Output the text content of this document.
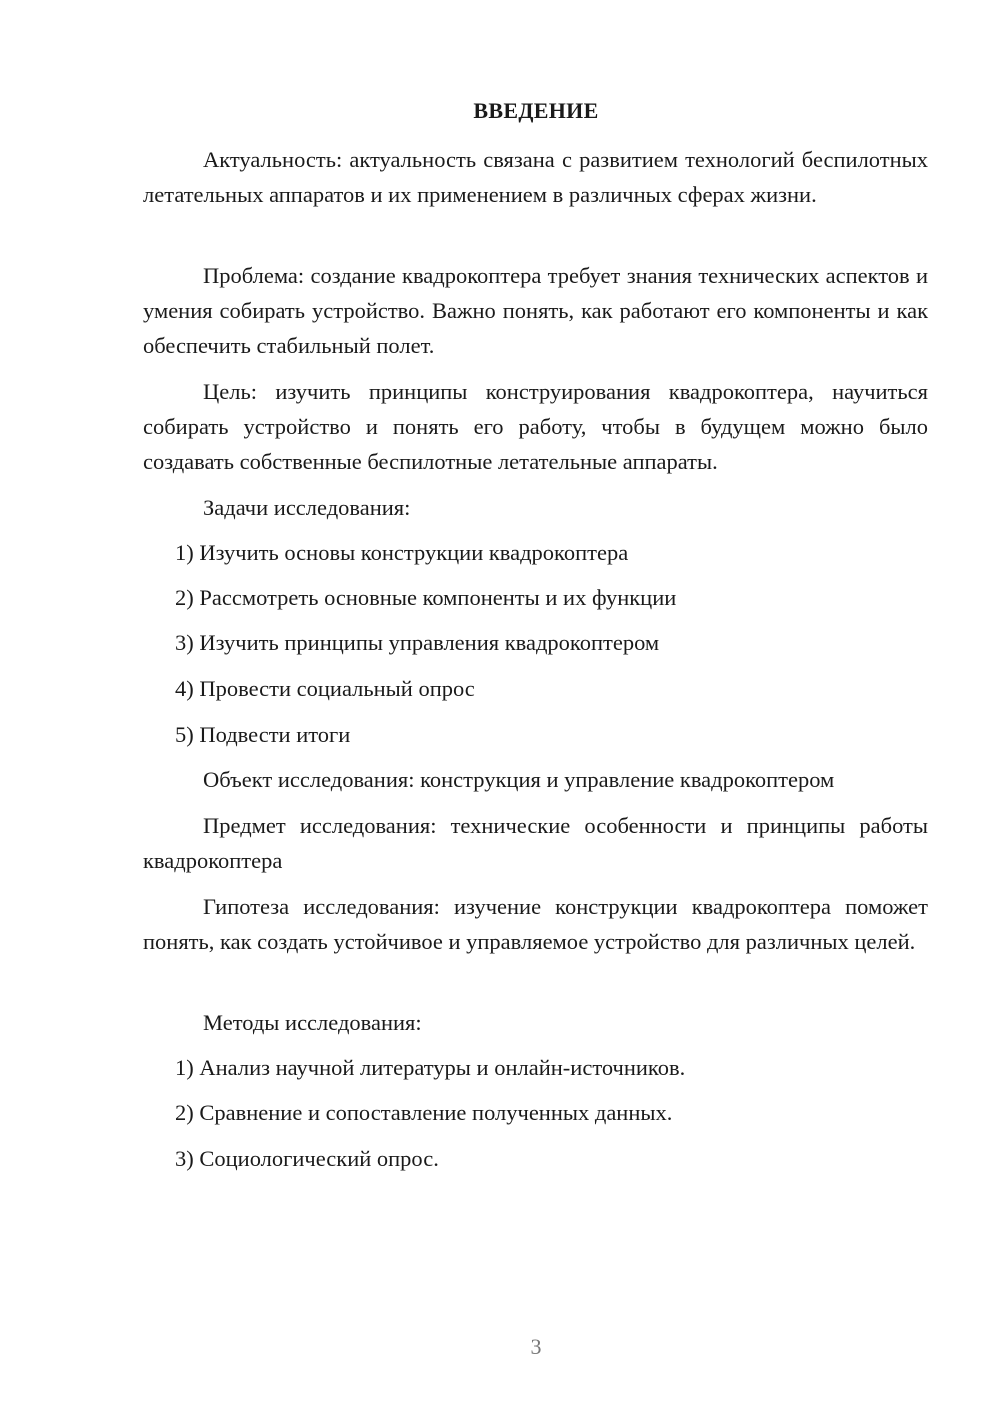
ВВЕДЕНИЕ

Актуальность: актуальность связана с развитием технологий беспилотных летательных аппаратов и их применением в различных сферах жизни.

Проблема: создание квадрокоптера требует знания технических аспектов и умения собирать устройство. Важно понять, как работают его компоненты и как обеспечить стабильный полет.

Цель: изучить принципы конструирования квадрокоптера, научиться собирать устройство и понять его работу, чтобы в будущем можно было создавать собственные беспилотные летательные аппараты.

Задачи исследования:

1) Изучить основы конструкции квадрокоптера

2) Рассмотреть основные компоненты и их функции

3) Изучить принципы управления квадрокоптером

4) Провести социальный опрос

5) Подвести итоги

Объект исследования: конструкция и управление квадрокоптером

Предмет исследования: технические особенности и принципы работы квадрокоптера

Гипотеза исследования: изучение конструкции квадрокоптера поможет понять, как создать устойчивое и управляемое устройство для различных целей.

Методы исследования:

1) Анализ научной литературы и онлайн-источников.

2) Сравнение и сопоставление полученных данных.

3) Социологический опрос.

3
